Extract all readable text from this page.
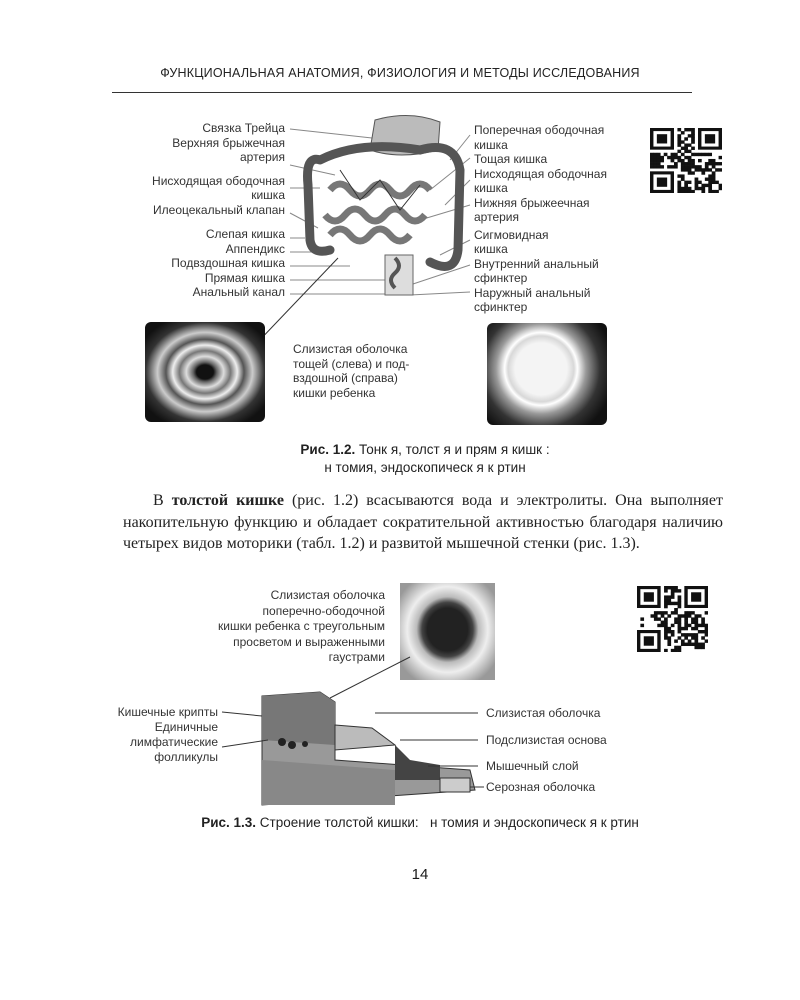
ФУНКЦИОНАЛЬНАЯ АНАТОМИЯ, ФИЗИОЛОГИЯ И МЕТОДЫ ИССЛЕДОВАНИЯ
Связка Трейца
Верхняя брыжечная
артерия
Нисходящая ободочная
кишка
Илеоцекальный клапан
Слепая кишка
Аппендикс
Подвздошная кишка
Прямая кишка
Анальный канал
Поперечная ободочная
кишка
Тощая кишка
Нисходящая ободочная
кишка
Нижняя брыжеечная
артерия
Сигмовидная
кишка
Внутренний анальный
сфинктер
Наружный анальный
сфинктер
Слизистая оболочка
тощей (слева) и под-
вздошной (справа)
кишки ребенка
Рис. 1.2. Тонк я, толст я и прям я кишк :
н томия, эндоскопическ я к ртин

В толстой кишке (рис. 1.2) всасываются вода и электролиты. Она выполняет накопительную функцию и обладает сократительной активностью благодаря наличию четырех видов моторики (табл. 1.2) и развитой мышечной стенки (рис. 1.3).

Слизистая оболочка
поперечно-ободочной
кишки ребенка с треугольным
просветом и выраженными
гаустрами
Кишечные крипты
Единичные
лимфатические
фолликулы
Слизистая оболочка
Подслизистая основа
Мышечный слой
Серозная оболочка
Рис. 1.3. Строение толстой кишки:   н томия и эндоскопическ я к ртин
14
